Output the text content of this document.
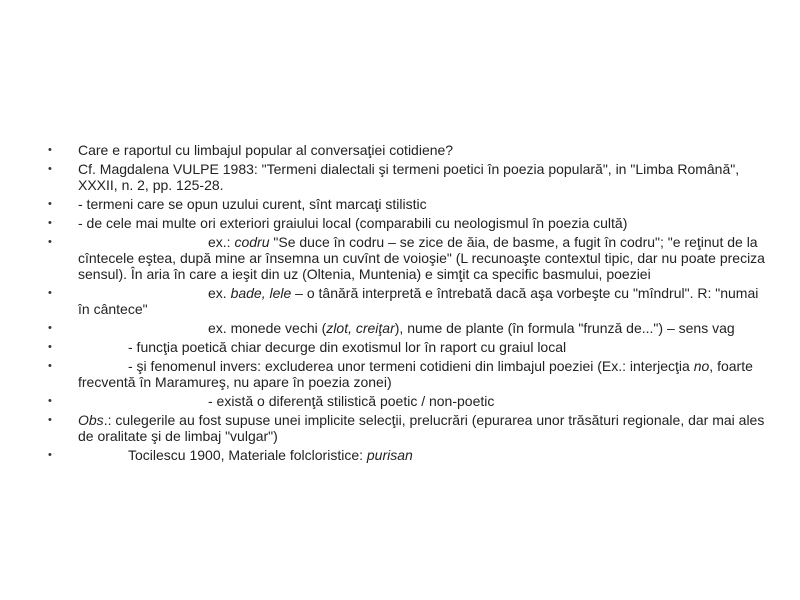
• Care e raportul cu limbajul popular al conversaţiei cotidiene?
• Cf. Magdalena VULPE 1983: "Termeni dialectali şi termeni poetici în poezia populară", in "Limba Română", XXXII, n. 2, pp. 125-28.
• - termeni care se opun uzului curent, sînt marcaţi stilistic
• - de cele mai multe ori exteriori graiului local (comparabili cu neologismul în poezia cultă)
•	ex.: codru "Se duce în codru – se zice de ăia, de basme, a fugit în codru"; "e reţinut de la cîntecele eştea, după mine ar însemna un cuvînt de voioşie" (L recunoaşte contextul tipic, dar nu poate preciza sensul). În aria în care a ieşit din uz (Oltenia, Muntenia) e simţit ca specific basmului, poeziei
•	ex. bade, lele – o tânără interpretă e întrebată dacă aşa vorbeşte cu "mîndrul". R: "numai în cântece"
•	ex. monede vechi (zlot, creiţar), nume de plante (în formula "frunză de...") – sens vag
•	- funcţia poetică chiar decurge din exotismul lor în raport cu graiul local
•	- şi fenomenul invers: excluderea unor termeni cotidieni din limbajul poeziei (Ex.: interjecţia no, foarte frecventă în Maramureş, nu apare în poezia zonei)
•	- există o diferenţă stilistică poetic / non-poetic
• Obs.: culegerile au fost supuse unei implicite selecţii, prelucrări (epurarea unor trăsături regionale, dar mai ales de oralitate şi de limbaj "vulgar")
•	Tocilescu 1900, Materiale folcloristice: purisan
